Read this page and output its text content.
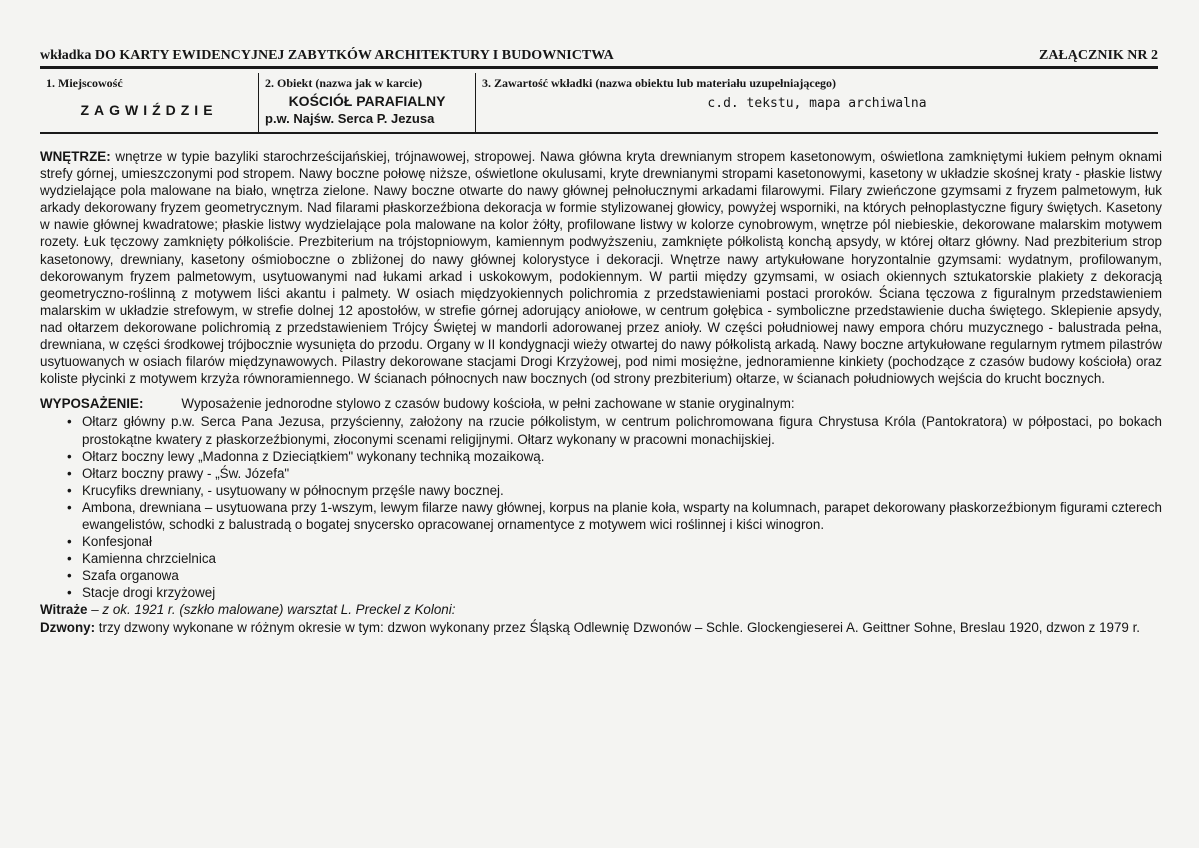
wkładka DO KARTY EWIDENCYJNEJ ZABYTKÓW ARCHITEKTURY I BUDOWNICTWA	ZAŁĄCZNIK NR 2
1. Miejscowość
ZAGWIŹDZIE
2. Obiekt (nazwa jak w karcie)
KOŚCIÓŁ PARAFIALNY
p.w. Najśw. Serca P. Jezusa
3. Zawartość wkładki (nazwa obiektu lub materiału uzupełniającego)
c.d. tekstu, mapa archiwalna

WNĘTRZE: wnętrze w typie bazyliki starochrześcijańskiej, trójnawowej, stropowej. Nawa główna kryta drewnianym stropem kasetonowym, oświetlona zamkniętymi łukiem pełnym oknami strefy górnej, umieszczonymi pod stropem. Nawy boczne połowę niższe, oświetlone okulusami, kryte drewnianymi stropami kasetonowymi, kasetony w układzie skośnej kraty - płaskie listwy wydzielające pola malowane na biało, wnętrza zielone. Nawy boczne otwarte do nawy głównej pełnołucznymi arkadami filarowymi. Filary zwieńczone gzymsami z fryzem palmetowym, łuk arkady dekorowany fryzem geometrycznym. Nad filarami płaskorzeźbiona dekoracja w formie stylizowanej głowicy, powyżej wsporniki, na których pełnoplastyczne figury świętych. Kasetony w nawie głównej kwadratowe; płaskie listwy wydzielające pola malowane na kolor żółty, profilowane listwy w kolorze cynobrowym, wnętrze pól niebieskie, dekorowane malarskim motywem rozety. Łuk tęczowy zamknięty półkoliście. Prezbiterium na trójstopniowym, kamiennym podwyższeniu, zamknięte półkolistą konchą apsydy, w której ołtarz główny. Nad prezbiterium strop kasetonowy, drewniany, kasetony ośmioboczne o zbliżonej do nawy głównej kolorystyce i dekoracji. Wnętrze nawy artykułowane horyzontalnie gzymsami: wydatnym, profilowanym, dekorowanym fryzem palmetowym, usytuowanymi nad łukami arkad i uskokowym, podokiennym. W partii między gzymsami, w osiach okiennych sztukatorskie plakiety z dekoracją geometryczno-roślinną z motywem liści akantu i palmety. W osiach międzyokiennych polichromia z przedstawieniami postaci proroków. Ściana tęczowa z figuralnym przedstawieniem malarskim w układzie strefowym, w strefie dolnej 12 apostołów, w strefie górnej adorujący aniołowe, w centrum gołębica - symboliczne przedstawienie ducha świętego. Sklepienie apsydy, nad ołtarzem dekorowane polichromią z przedstawieniem Trójcy Świętej w mandorli adorowanej przez anioły. W części południowej nawy empora chóru muzycznego - balustrada pełna, drewniana, w części środkowej trójbocznie wysunięta do przodu. Organy w II kondygnacji wieży otwartej do nawy półkolistą arkadą. Nawy boczne artykułowane regularnym rytmem pilastrów usytuowanych w osiach filarów międzynawowych. Pilastry dekorowane stacjami Drogi Krzyżowej, pod nimi mosiężne, jednoramienne kinkiety (pochodzące z czasów budowy kościoła) oraz koliste płycinki z motywem krzyża równoramiennego. W ścianach północnych naw bocznych (od strony prezbiterium) ołtarze, w ścianach południowych wejścia do krucht bocznych.

WYPOSAŻENIE:	Wyposażenie jednorodne stylowo z czasów budowy kościoła, w pełni zachowane w stanie oryginalnym:
• Ołtarz główny p.w. Serca Pana Jezusa, przyścienny, założony na rzucie półkolistym, w centrum polichromowana figura Chrystusa Króla (Pantokratora) w półpostaci, po bokach prostokątne kwatery z płaskorzeźbionymi, złoconymi scenami religijnymi. Ołtarz wykonany w pracowni monachijskiej.
• Ołtarz boczny lewy „Madonna z Dzieciątkiem" wykonany techniką mozaikową.
• Ołtarz boczny prawy - „Św. Józefa"
• Krucyfiks drewniany, - usytuowany w północnym przęśle nawy bocznej.
• Ambona, drewniana – usytuowana przy 1-wszym, lewym filarze nawy głównej, korpus na planie koła, wsparty na kolumnach, parapet dekorowany płaskorzeźbionym figurami czterech ewangelistów, schodki z balustradą o bogatej snycersko opracowanej ornamentyce z motywem wici roślinnej i kiści winogron.
• Konfesjonał
• Kamienna chrzcielnica
• Szafa organowa
• Stacje drogi krzyżowej

Witraże – z ok. 1921 r. (szkło malowane) warsztat L. Preckel z Koloni:

Dzwony: trzy dzwony wykonane w różnym okresie w tym: dzwon wykonany przez Śląską Odlewnię Dzwonów – Schle. Glockengieserei A. Geittner Sohne, Breslau 1920, dzwon z 1979 r.
